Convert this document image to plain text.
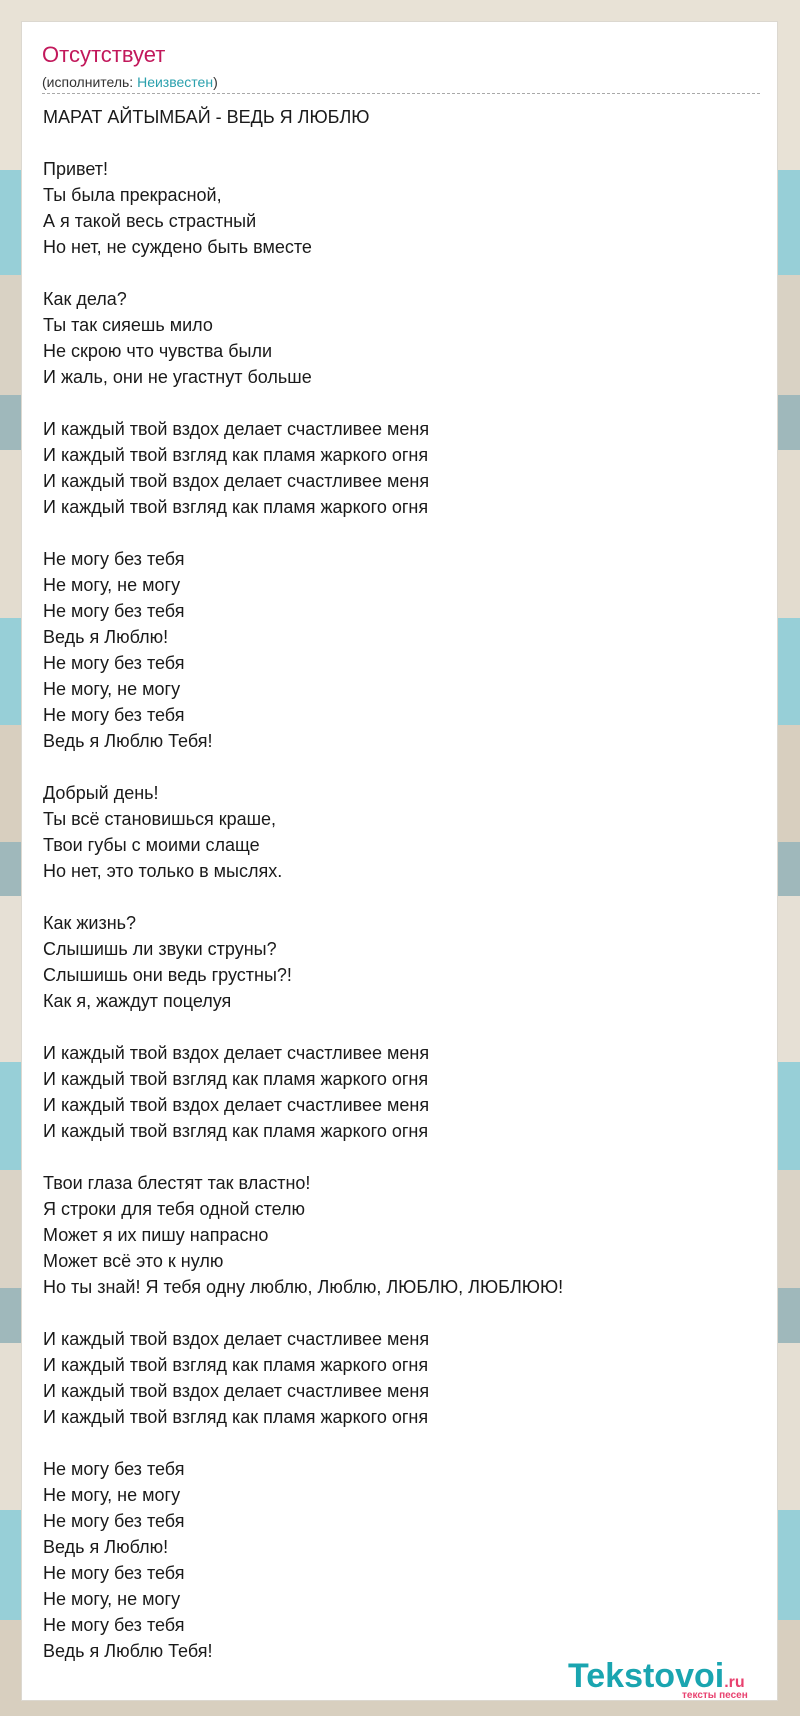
Отсутствует
(исполнитель: Неизвестен)
МАРАТ АЙТЫМБАЙ - ВЕДЬ Я ЛЮБЛЮ

Привет!
Ты была прекрасной,
А я такой весь страстный
Но нет, не суждено быть вместе

Как дела?
Ты так сияешь мило
Не скрою что чувства были
И жаль, они не угастнут больше

И каждый твой вздох делает счастливее меня
И каждый твой взгляд как пламя жаркого огня
И каждый твой вздох делает счастливее меня
И каждый твой взгляд как пламя жаркого огня

Не могу без тебя
Не могу, не могу
Не могу без тебя
Ведь я Люблю!
Не могу без тебя
Не могу, не могу
Не могу без тебя
Ведь я Люблю Тебя!

Добрый день!
Ты всё становишься краше,
Твои губы с моими слаще
Но нет, это только в мыслях.

Как жизнь?
Слышишь ли звуки струны?
Слышишь они ведь грустны?!
Как я, жаждут поцелуя

И каждый твой вздох делает счастливее меня
И каждый твой взгляд как пламя жаркого огня
И каждый твой вздох делает счастливее меня
И каждый твой взгляд как пламя жаркого огня

Твои глаза блестят так властно!
Я строки для тебя одной стелю
Может я их пишу напрасно
Может всё это к нулю
Но ты знай! Я тебя одну люблю, Люблю, ЛЮБЛЮ, ЛЮБЛЮЮ!

И каждый твой вздох делает счастливее меня
И каждый твой взгляд как пламя жаркого огня
И каждый твой вздох делает счастливее меня
И каждый твой взгляд как пламя жаркого огня

Не могу без тебя
Не могу, не могу
Не могу без тебя
Ведь я Люблю!
Не могу без тебя
Не могу, не могу
Не могу без тебя
Ведь я Люблю Тебя!
Tekstovoi.ru
тексты песен
